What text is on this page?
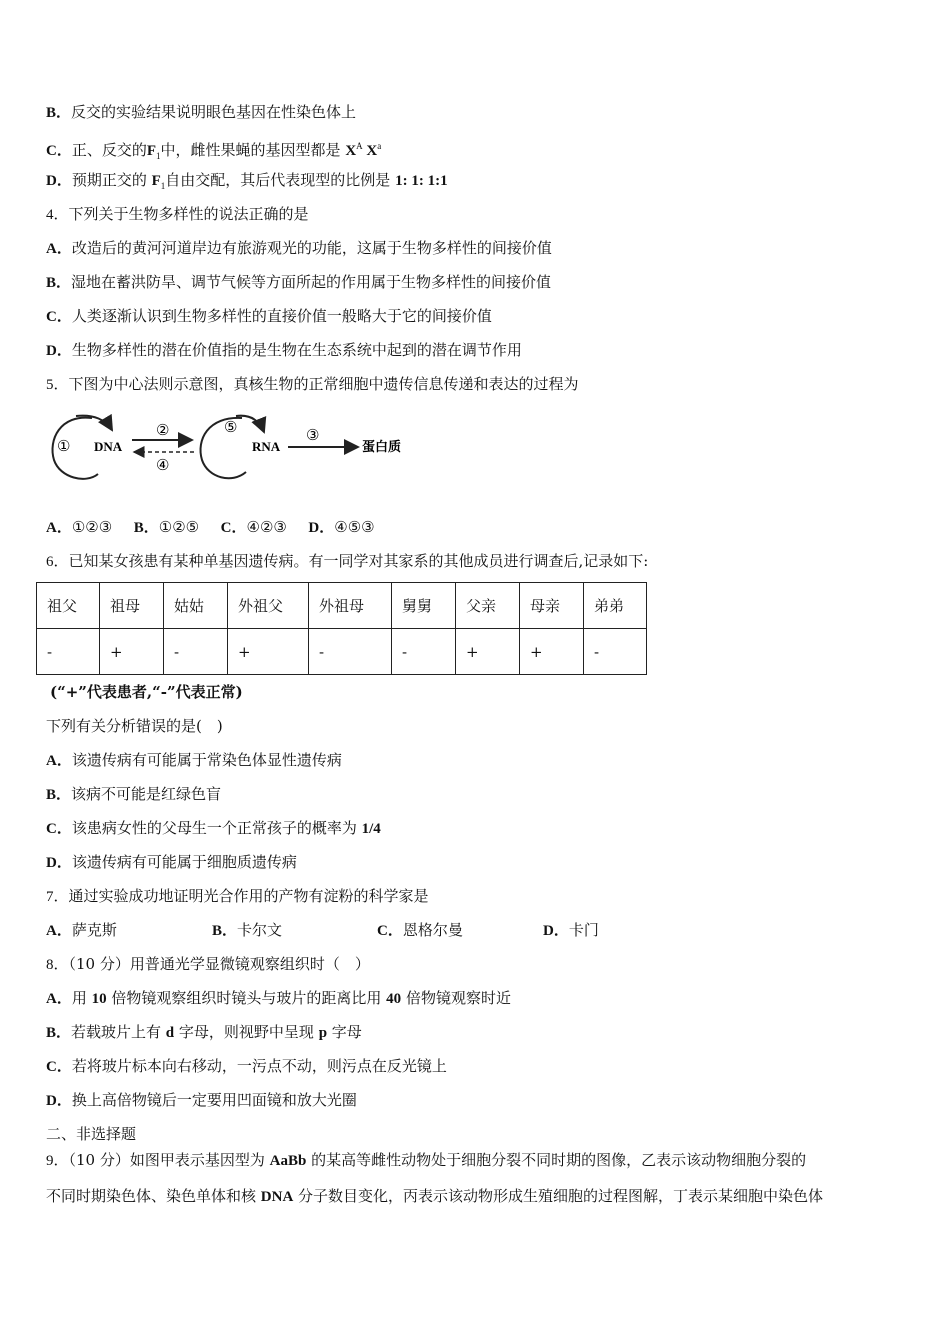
B．反交的实验结果说明眼色基因在性染色体上
C．正、反交的$F_1$中，雌性果蝇的基因型都是 $X^A$ $X^a$
D．预期正交的 $F_1$自由交配，其后代表现型的比例是 1: 1: 1:1
4．下列关于生物多样性的说法正确的是
A．改造后的黄河河道岸边有旅游观光的功能，这属于生物多样性的间接价值
B．湿地在蓄洪防旱、调节气候等方面所起的作用属于生物多样性的间接价值
C．人类逐渐认识到生物多样性的直接价值一般略大于它的间接价值
D．生物多样性的潜在价值指的是生物在生态系统中起到的潜在调节作用
5．下图为中心法则示意图，真核生物的正常细胞中遗传信息传递和表达的过程为
① DNA
②
④
⑤
RNA
③
蛋白质
A．①②③ B．①②⑤ C．④②③ D．④⑤③
6．已知某女孩患有某种单基因遗传病。有一同学对其家系的其他成员进行调查后,记录如下:
祖父	祖母	姑姑	外祖父	外祖母	舅舅	父亲	母亲	弟弟
-	+	-	+	-	-	+	+	-
(“+”代表患者,“-”代表正常)
下列有关分析错误的是(　)
A．该遗传病有可能属于常染色体显性遗传病
B．该病不可能是红绿色盲
C．该患病女性的父母生一个正常孩子的概率为 1/4
D．该遗传病有可能属于细胞质遗传病
7．通过实验成功地证明光合作用的产物有淀粉的科学家是
A．萨克斯	B．卡尔文	C．恩格尔曼	D．卡门
8．（10 分）用普通光学显微镜观察组织时（　）
A．用 10 倍物镜观察组织时镜头与玻片的距离比用 40 倍物镜观察时近
B．若载玻片上有 d 字母，则视野中呈现 p 字母
C．若将玻片标本向右移动，一污点不动，则污点在反光镜上
D．换上高倍物镜后一定要用凹面镜和放大光圈
二、非选择题
9．（10 分）如图甲表示基因型为 AaBb 的某高等雌性动物处于细胞分裂不同时期的图像，乙表示该动物细胞分裂的
不同时期染色体、染色单体和核 DNA 分子数目变化，丙表示该动物形成生殖细胞的过程图解，丁表示某细胞中染色体
